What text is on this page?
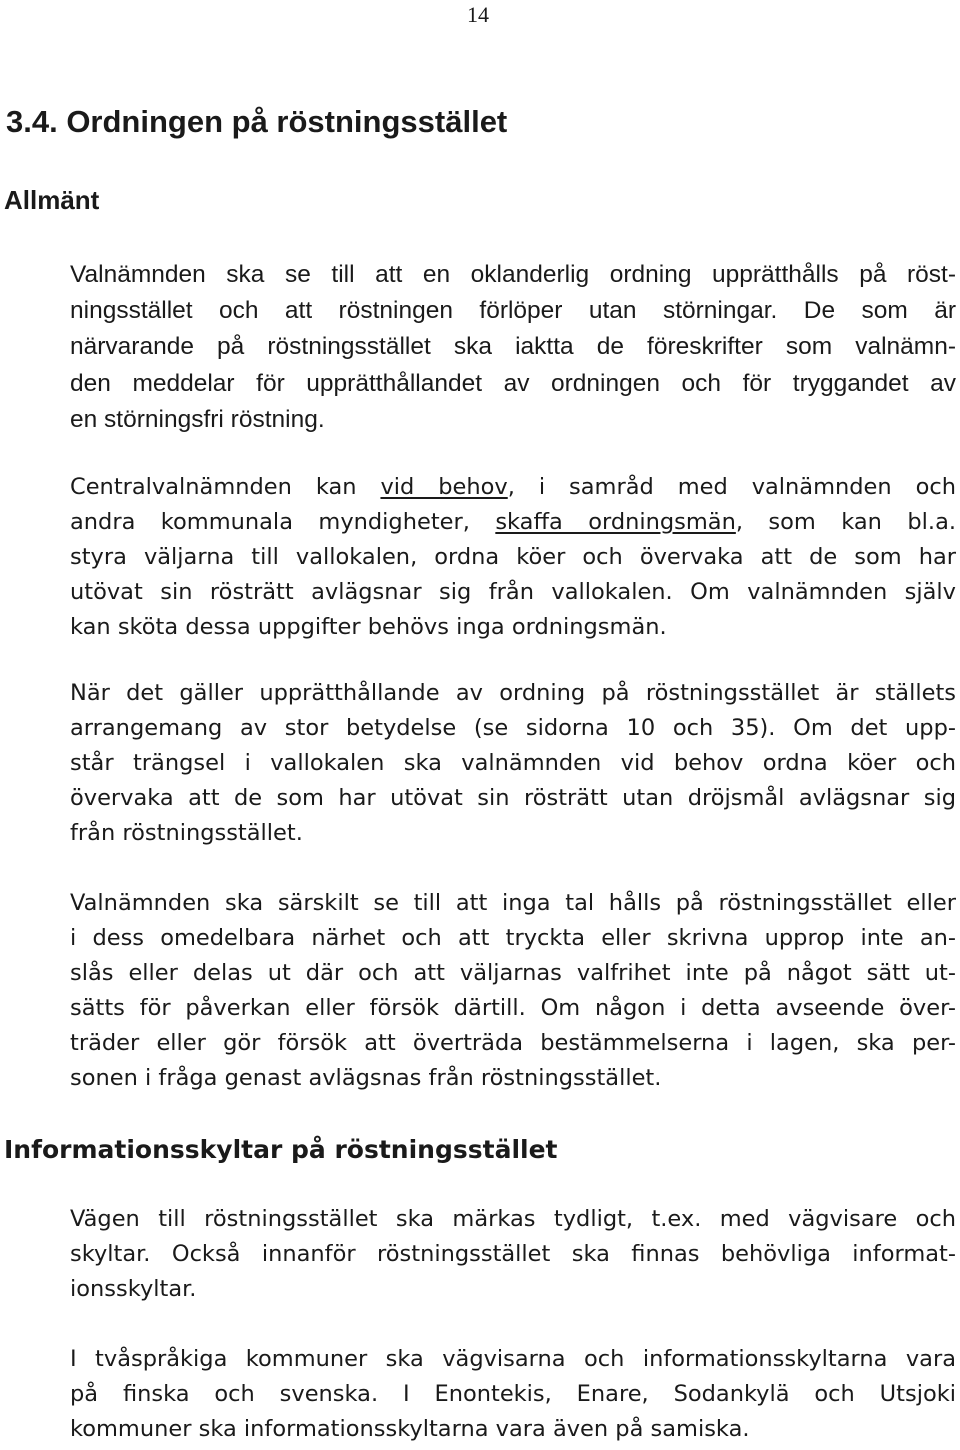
14
3.4. Ordningen på röstningsstället
Allmänt

Valnämnden ska se till att en oklanderlig ordning upprätthålls på röst-
ningsstället och att röstningen förlöper utan störningar. De som är
närvarande på röstningsstället ska iaktta de föreskrifter som valnämn-
den meddelar för upprätthållandet av ordningen och för tryggandet av
en störningsfri röstning.

Centralvalnämnden kan vid behov, i samråd med valnämnden och
andra kommunala myndigheter, skaffa ordningsmän, som kan bl.a.
styra väljarna till vallokalen, ordna köer och övervaka att de som har
utövat sin rösträtt avlägsnar sig från vallokalen. Om valnämnden själv
kan sköta dessa uppgifter behövs inga ordningsmän.

När det gäller upprätthållande av ordning på röstningsstället är ställets
arrangemang av stor betydelse (se sidorna 10 och 35). Om det upp-
står trängsel i vallokalen ska valnämnden vid behov ordna köer och
övervaka att de som har utövat sin rösträtt utan dröjsmål avlägsnar sig
från röstningsstället.

Valnämnden ska särskilt se till att inga tal hålls på röstningsstället eller
i dess omedelbara närhet och att tryckta eller skrivna upprop inte an-
slås eller delas ut där och att väljarnas valfrihet inte på något sätt ut-
sätts för påverkan eller försök därtill. Om någon i detta avseende över-
träder eller gör försök att överträda bestämmelserna i lagen, ska per-
sonen i fråga genast avlägsnas från röstningsstället.

Informationsskyltar på röstningsstället

Vägen till röstningsstället ska märkas tydligt, t.ex. med vägvisare och
skyltar. Också innanför röstningsstället ska finnas behövliga informat-
ionsskyltar.

I tvåspråkiga kommuner ska vägvisarna och informationsskyltarna vara
på finska och svenska. I Enontekis, Enare, Sodankylä och Utsjoki
kommuner ska informationsskyltarna vara även på samiska.
